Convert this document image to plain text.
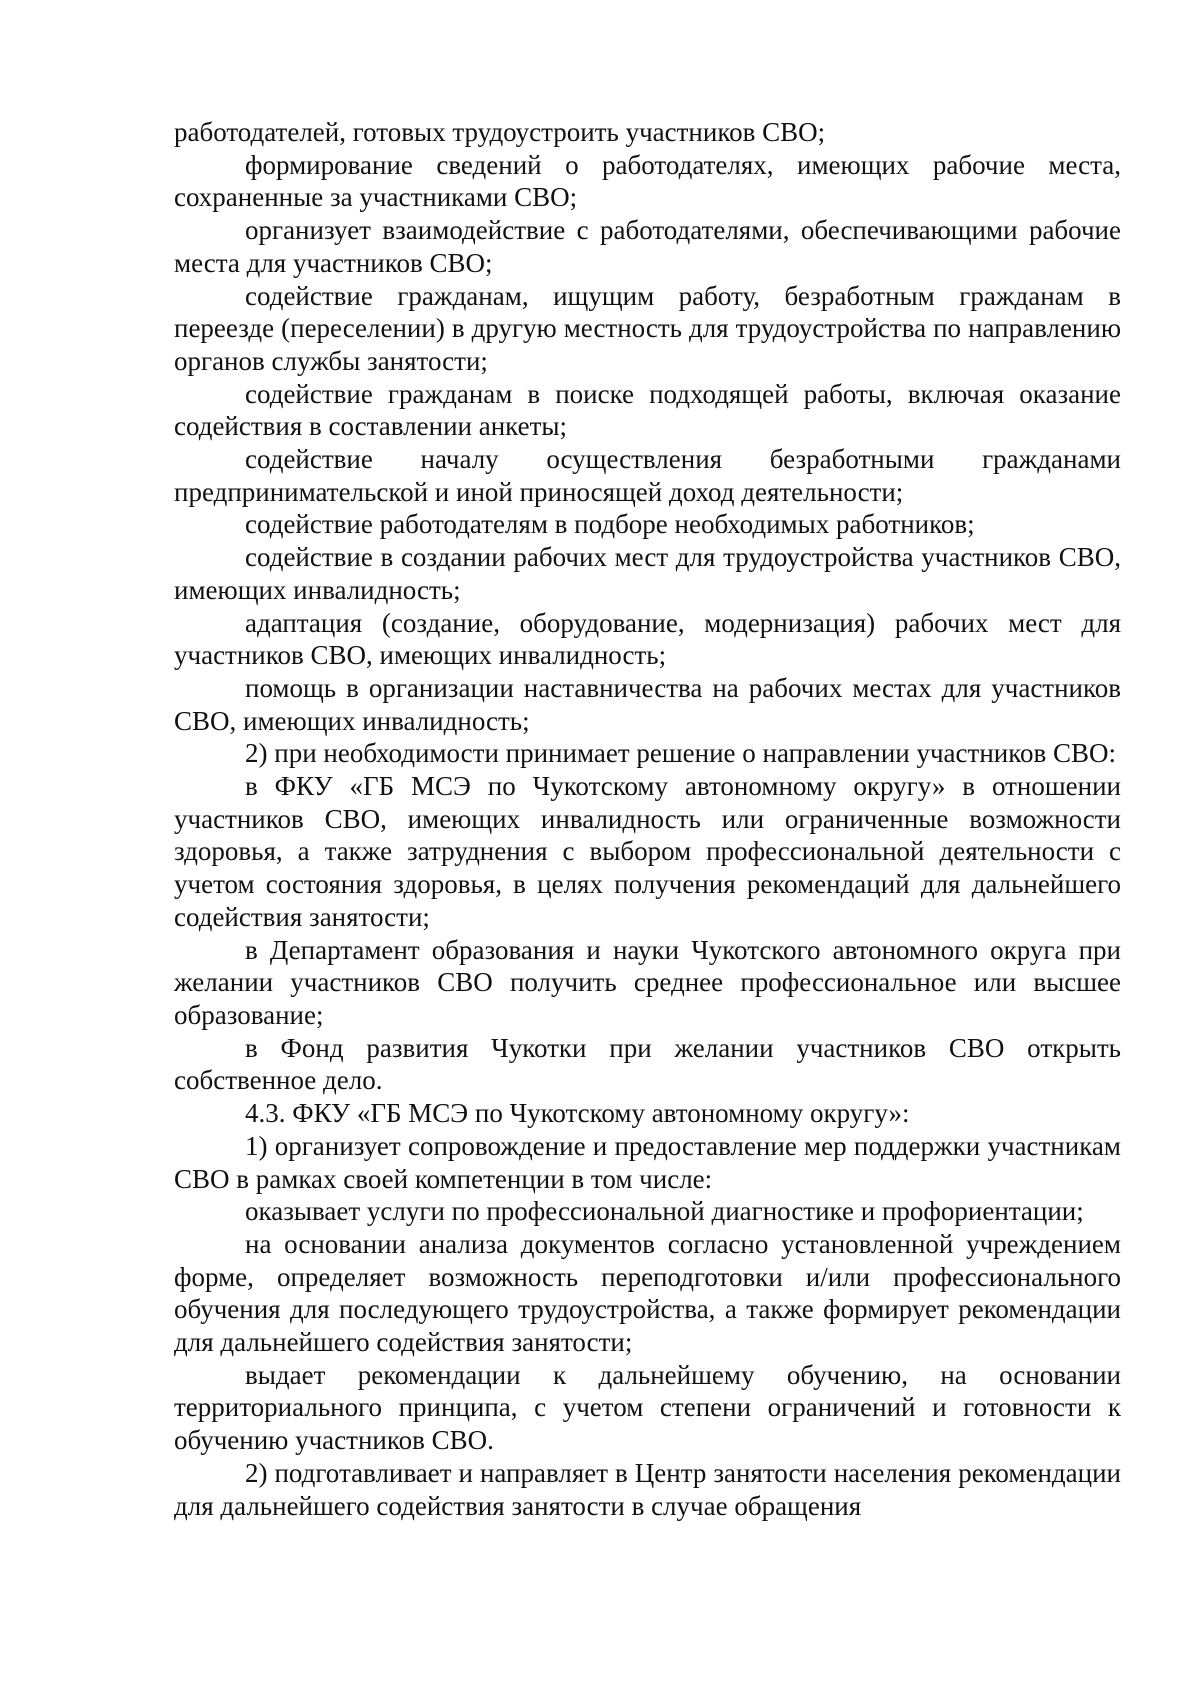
работодателей, готовых трудоустроить участников СВО;

формирование сведений о работодателях, имеющих рабочие места, сохраненные за участниками СВО;

организует взаимодействие с работодателями, обеспечивающими рабочие места для участников СВО;

содействие гражданам, ищущим работу, безработным гражданам в переезде (переселении) в другую местность для трудоустройства по направлению органов службы занятости;

содействие гражданам в поиске подходящей работы, включая оказание содействия в составлении анкеты;

содействие началу осуществления безработными гражданами предпринимательской и иной приносящей доход деятельности;

содействие работодателям в подборе необходимых работников;

содействие в создании рабочих мест для трудоустройства участников СВО, имеющих инвалидность;

адаптация (создание, оборудование, модернизация) рабочих мест для участников СВО, имеющих инвалидность;

помощь в организации наставничества на рабочих местах для участников СВО, имеющих инвалидность;

2) при необходимости принимает решение о направлении участников СВО:

в ФКУ «ГБ МСЭ по Чукотскому автономному округу» в отношении участников СВО, имеющих инвалидность или ограниченные возможности здоровья, а также затруднения с выбором профессиональной деятельности с учетом состояния здоровья, в целях получения рекомендаций для дальнейшего содействия занятости;

в Департамент образования и науки Чукотского автономного округа при желании участников СВО получить среднее профессиональное или высшее образование;

в Фонд развития Чукотки при желании участников СВО открыть собственное дело.

4.3. ФКУ «ГБ МСЭ по Чукотскому автономному округу»:

1) организует сопровождение и предоставление мер поддержки участникам СВО в рамках своей компетенции в том числе:

оказывает услуги по профессиональной диагностике и профориентации;

на основании анализа документов согласно установленной учреждением форме, определяет возможность переподготовки и/или профессионального обучения для последующего трудоустройства, а также формирует рекомендации для дальнейшего содействия занятости;

выдает рекомендации к дальнейшему обучению, на основании территориального принципа, с учетом степени ограничений и готовности к обучению участников СВО.

2) подготавливает и направляет в Центр занятости населения рекомендации для дальнейшего содействия занятости в случае обращения
